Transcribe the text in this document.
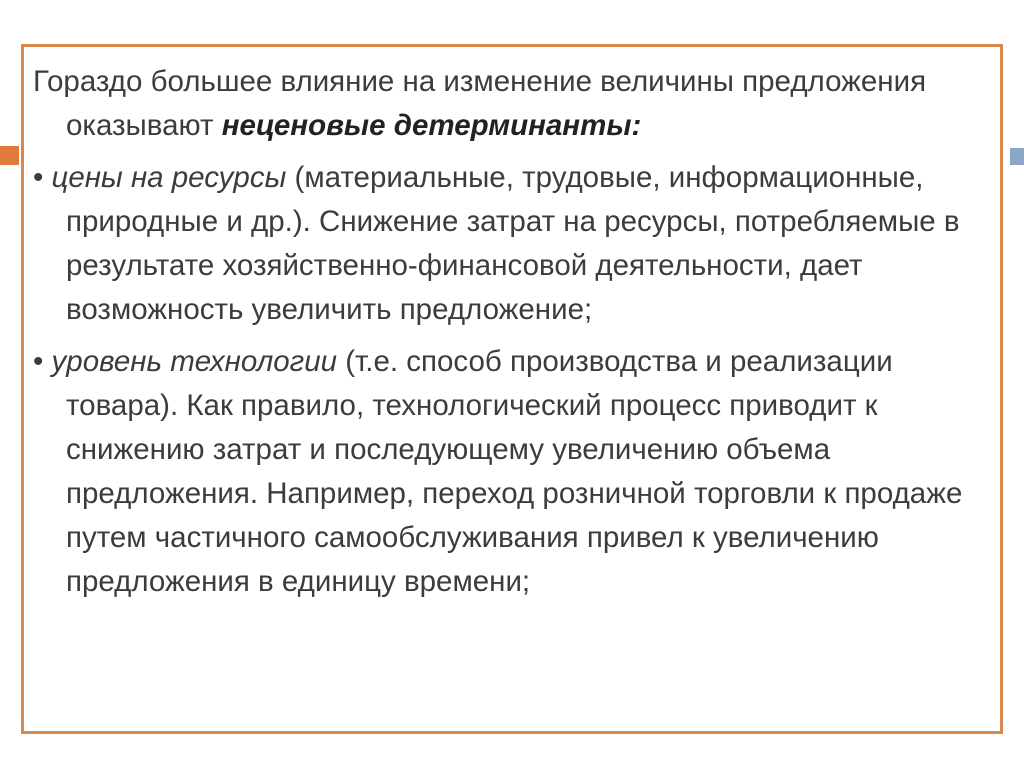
Гораздо большее влияние на изменение величины предложения оказывают неценовые детерминанты:

• цены на ресурсы (материальные, трудовые, информационные, природные и др.). Снижение затрат на ресурсы, потребляемые в результате хозяйственно-финансовой деятельности, дает возможность увеличить предложение;

• уровень технологии (т.е. способ производства и реализации товара). Как правило, технологический процесс приводит к снижению затрат и последующему увеличению объема предложения. Например, переход розничной торговли к продаже путем частичного самообслуживания привел к увеличению предложения в единицу времени;
